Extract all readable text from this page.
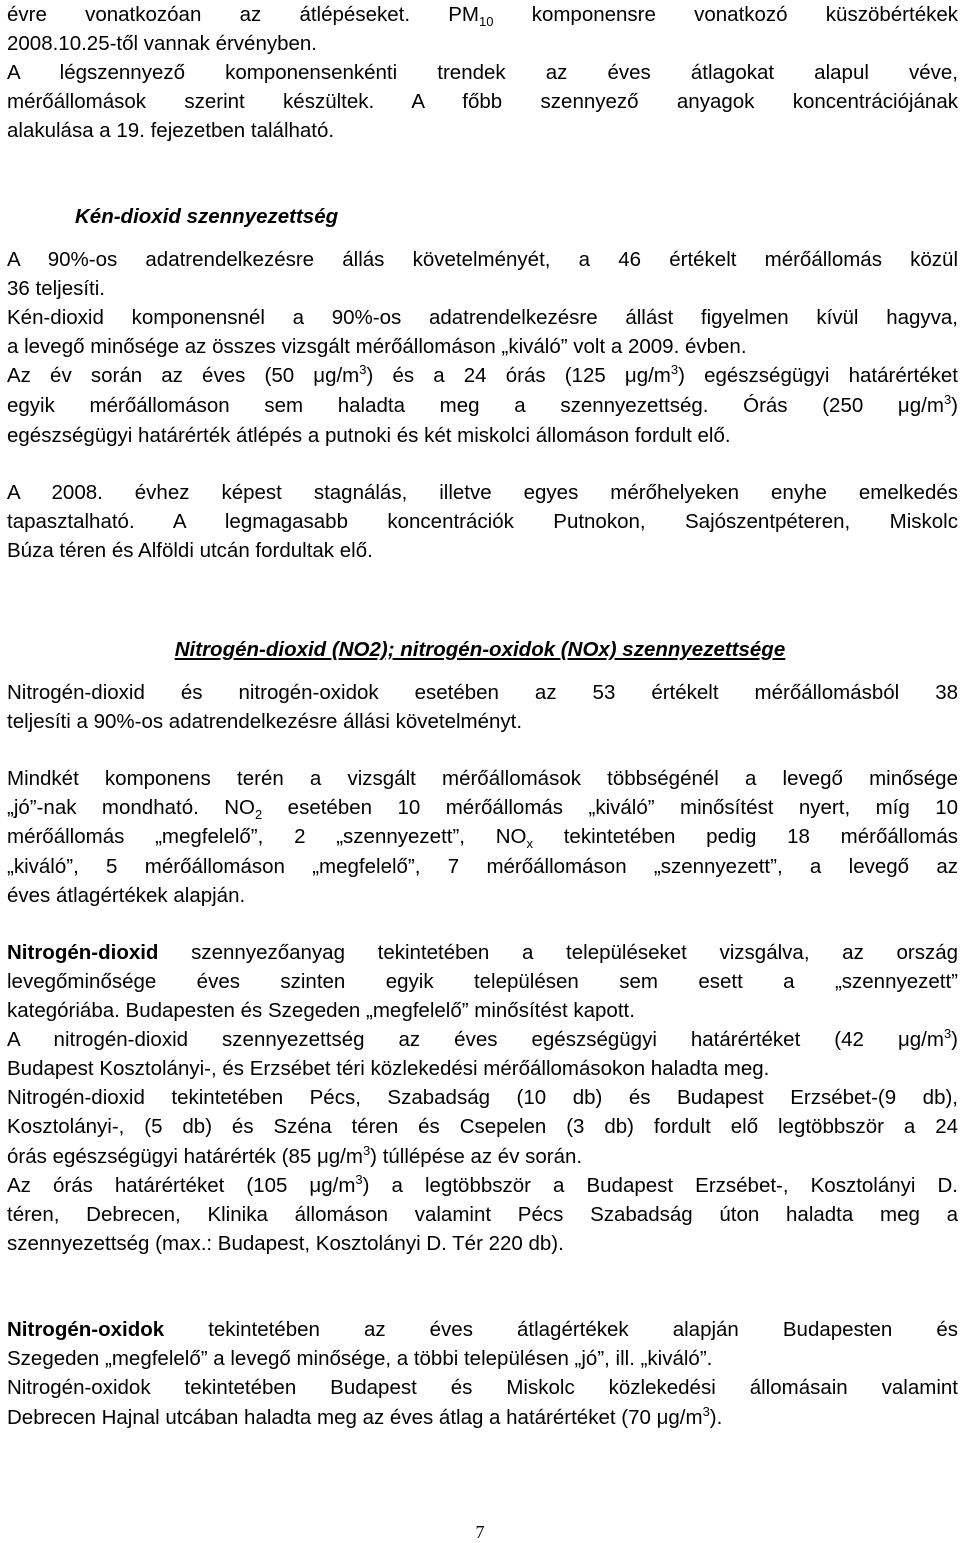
évre vonatkozóan az átlépéseket. $PM_{10}$ komponensre vonatkozó küszöbértékek
2008.10.25-től vannak érvényben.
A légszennyező komponensenkénti trendek az éves átlagokat alapul véve,
mérőállomások szerint készültek. A főbb szennyező anyagok koncentrációjának
alakulása a 19. fejezetben található.
Kén-dioxid szennyezettség
A 90%-os adatrendelkezésre állás követelményét, a 46 értékelt mérőállomás közül
36 teljesíti.
Kén-dioxid komponensnél a 90%-os adatrendelkezésre állást figyelmen kívül hagyva,
a levegő minősége az összes vizsgált mérőállomáson „kiváló” volt a 2009. évben.
Az év során az éves (50 $\mu g/m^3$) és a 24 órás (125 $\mu g/m^3$) egészségügyi határértéket
egyik mérőállomáson sem haladta meg a szennyezettség. Órás (250 $\mu g/m^3$)
egészségügyi határérték átlépés a putnoki és két miskolci állomáson fordult elő.
A 2008. évhez képest stagnálás, illetve egyes mérőhelyeken enyhe emelkedés
tapasztalható. A legmagasabb koncentrációk Putnokon, Sajószentpéteren, Miskolc
Búza téren és Alföldi utcán fordultak elő.
Nitrogén-dioxid (NO2); nitrogén-oxidok (NOx) szennyezettsége
Nitrogén-dioxid és nitrogén-oxidok esetében az 53 értékelt mérőállomásból 38
teljesíti a 90%-os adatrendelkezésre állási követelményt.
Mindkét komponens terén a vizsgált mérőállomások többségénél a levegő minősége
„jó”-nak mondható. $NO_2$ esetében 10 mérőállomás „kiváló” minősítést nyert, míg 10
mérőállomás „megfelelő”, 2 „szennyezett”, $NO_x$ tekintetében pedig 18 mérőállomás
„kiváló”, 5 mérőállomáson „megfelelő”, 7 mérőállomáson „szennyezett”, a levegő az
éves átlagértékek alapján.
Nitrogén-dioxid szennyezőanyag tekintetében a településeket vizsgálva, az ország
levegőminősége éves szinten egyik településen sem esett a „szennyezett”
kategóriába. Budapesten és Szegeden „megfelelő” minősítést kapott.
A nitrogén-dioxid szennyezettség az éves egészségügyi határértéket (42 $\mu g/m^3$)
Budapest Kosztolányi-, és Erzsébet téri közlekedési mérőállomásokon haladta meg.
Nitrogén-dioxid tekintetében Pécs, Szabadság (10 db) és Budapest Erzsébet-(9 db),
Kosztolányi-, (5 db) és Széna téren és Csepelen (3 db) fordult elő legtöbbször a 24
órás egészségügyi határérték (85 $\mu g/m^3$) túllépése az év során.
Az órás határértéket (105 $\mu g/m^3$) a legtöbbször a Budapest Erzsébet-, Kosztolányi D.
téren, Debrecen, Klinika állomáson valamint Pécs Szabadság úton haladta meg a
szennyezettség (max.: Budapest, Kosztolányi D. Tér 220 db).
Nitrogén-oxidok tekintetében az éves átlagértékek alapján Budapesten és
Szegeden „megfelelő” a levegő minősége, a többi településen „jó”, ill. „kiváló”.
Nitrogén-oxidok tekintetében Budapest és Miskolc közlekedési állomásain valamint
Debrecen Hajnal utcában haladta meg az éves átlag a határértéket (70 $\mu g/m^3$).
7
